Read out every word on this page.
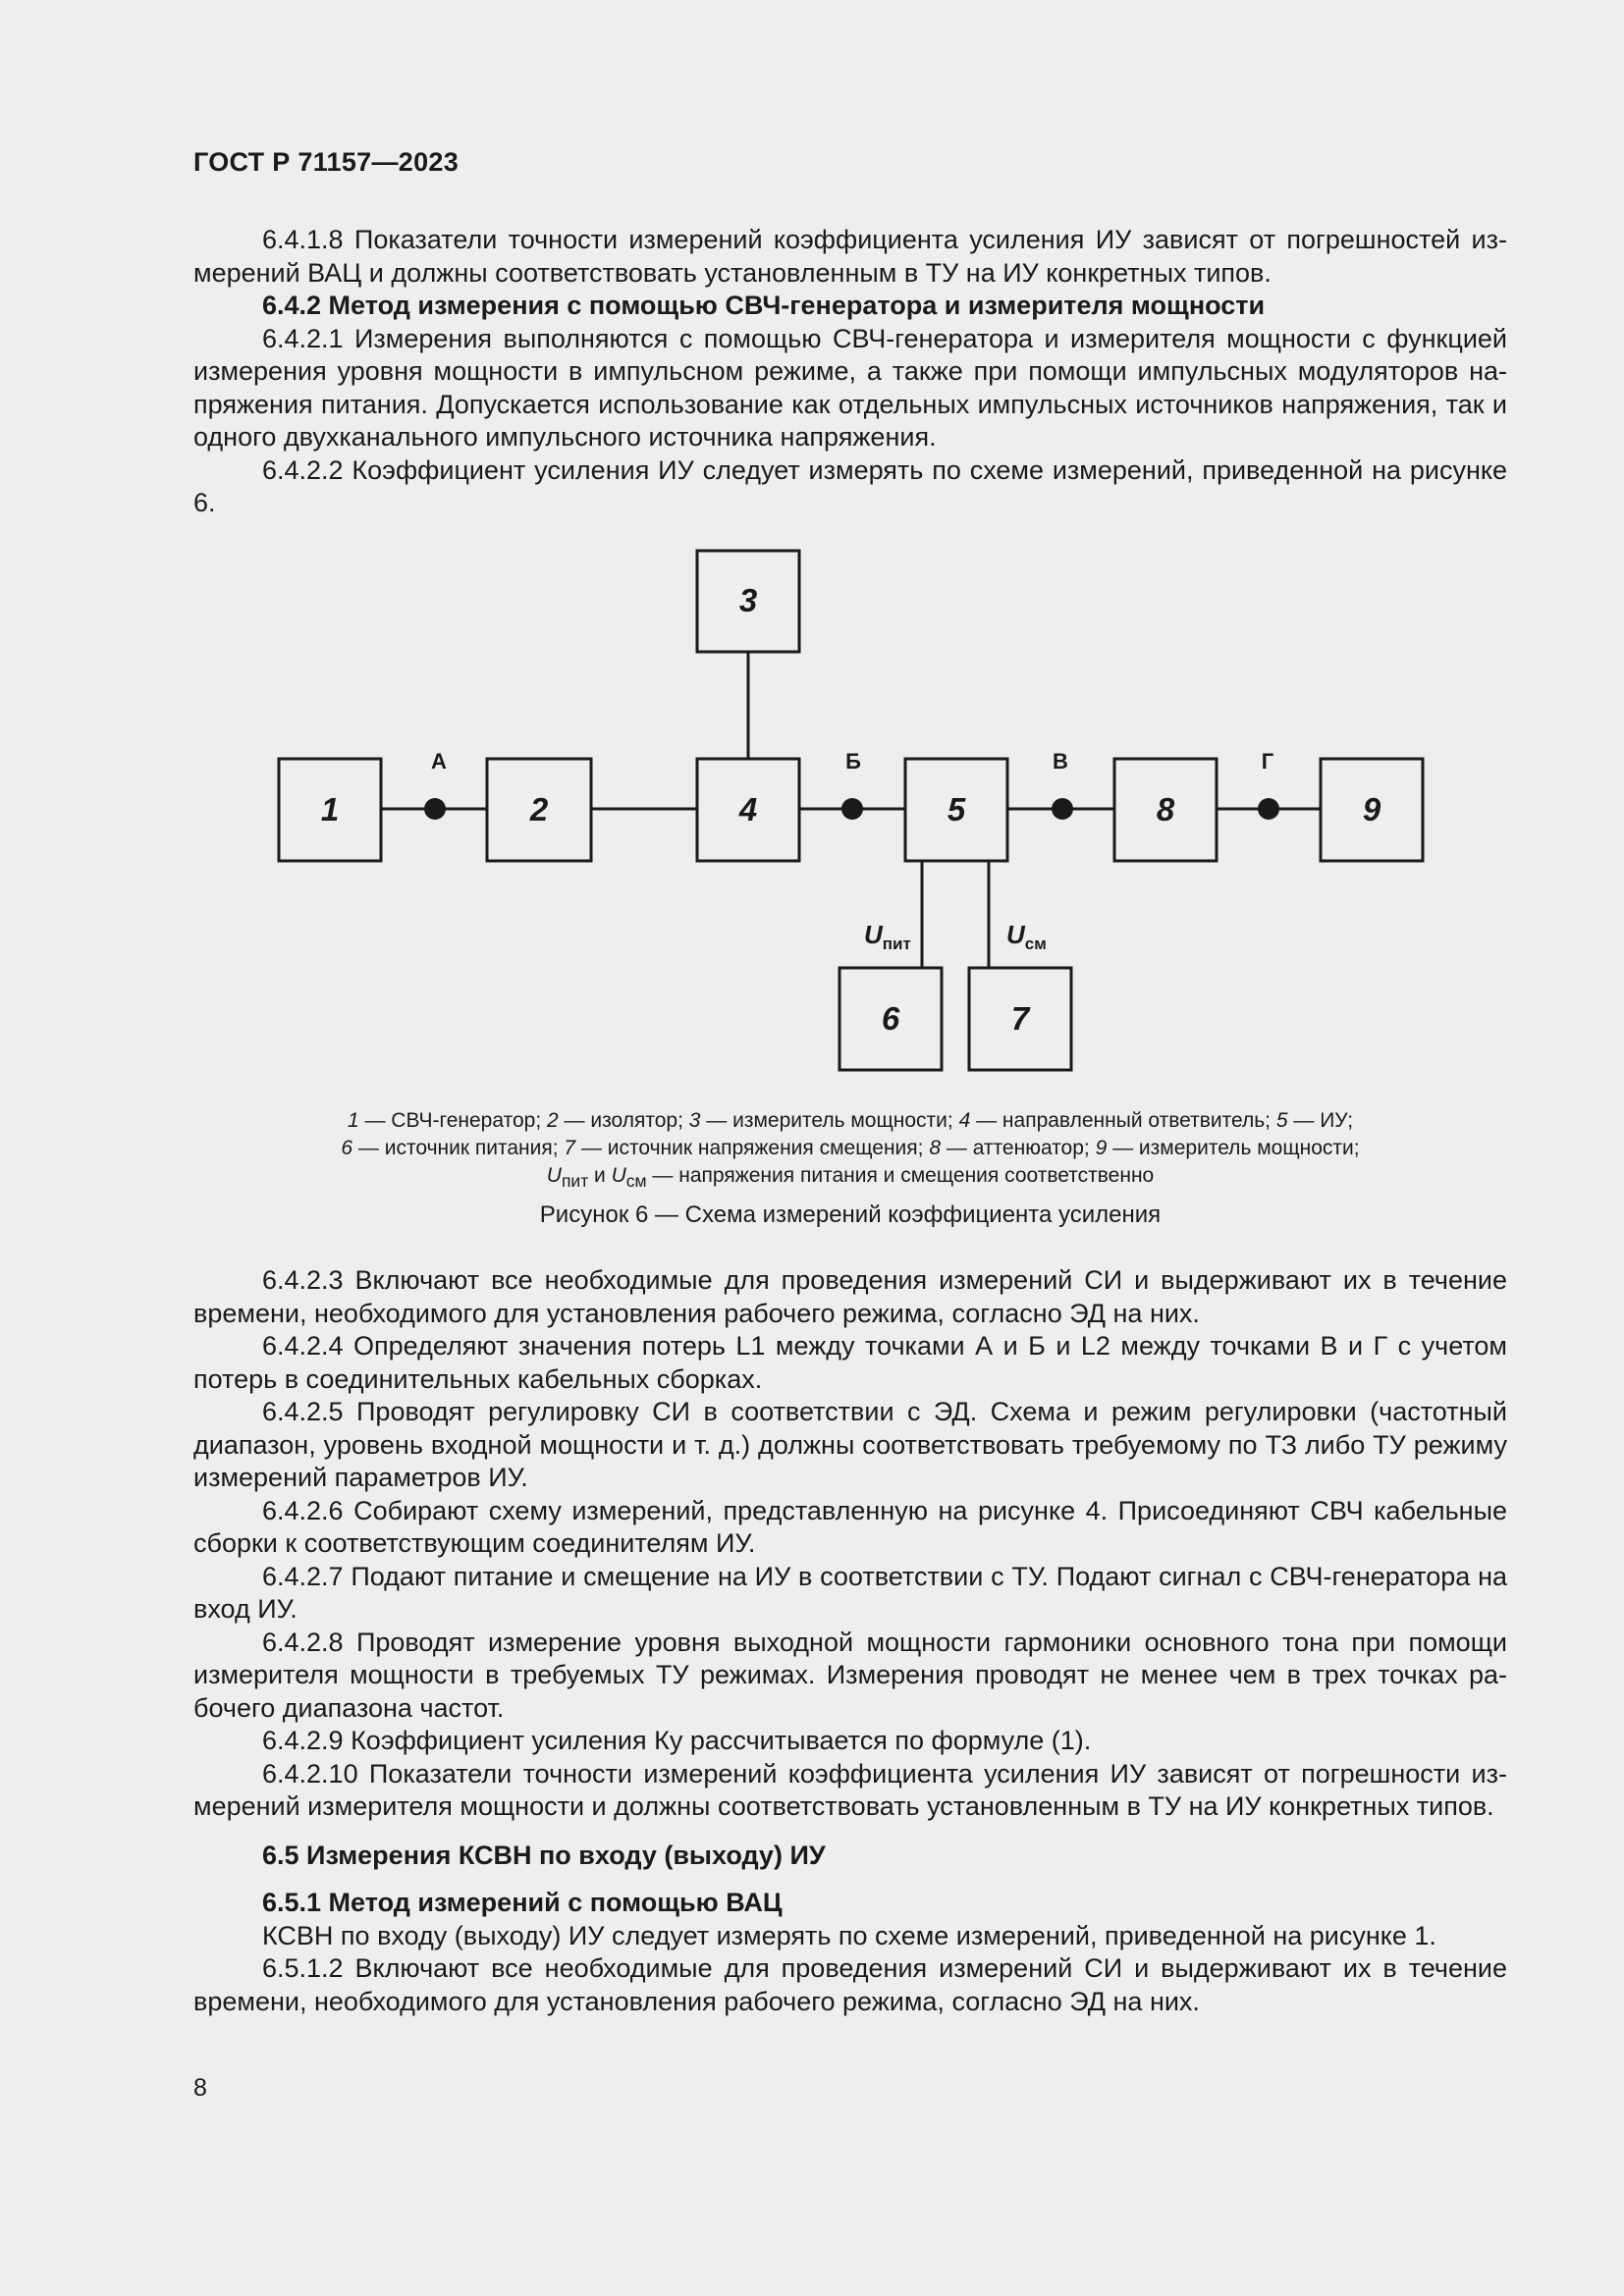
ГОСТ Р 71157—2023

6.4.1.8 Показатели точности измерений коэффициента усиления ИУ зависят от погрешностей измерений ВАЦ и должны соответствовать установленным в ТУ на ИУ конкретных типов.

6.4.2 Метод измерения с помощью СВЧ-генератора и измерителя мощности

6.4.2.1 Измерения выполняются с помощью СВЧ-генератора и измерителя мощности с функцией измерения уровня мощности в импульсном режиме, а также при помощи импульсных модуляторов напряжения питания. Допускается использование как отдельных импульсных источников напряжения, так и одного двухканального импульсного источника напряжения.

6.4.2.2 Коэффициент усиления ИУ следует измерять по схеме измерений, приведенной на рисунке 6.

1	2
3
4	5
6	7
8	9
А	Б	В	Г
$U_{пит}$	$U_{см}$
1 — СВЧ-генератор; 2 — изолятор; 3 — измеритель мощности; 4 — направленный ответвитель; 5 — ИУ;
6 — источник питания; 7 — источник напряжения смещения; 8 — аттенюатор; 9 — измеритель мощности;
$U_{пит}$ и $U_{см}$ — напряжения питания и смещения соответственно
Рисунок 6 — Схема измерений коэффициента усиления

6.4.2.3 Включают все необходимые для проведения измерений СИ и выдерживают их в течение времени, необходимого для установления рабочего режима, согласно ЭД на них.

6.4.2.4 Определяют значения потерь L1 между точками А и Б и L2 между точками В и Г с учетом потерь в соединительных кабельных сборках.

6.4.2.5 Проводят регулировку СИ в соответствии с ЭД. Схема и режим регулировки (частотный диапазон, уровень входной мощности и т. д.) должны соответствовать требуемому по ТЗ либо ТУ режиму измерений параметров ИУ.

6.4.2.6 Собирают схему измерений, представленную на рисунке 4. Присоединяют СВЧ кабельные сборки к соответствующим соединителям ИУ.

6.4.2.7 Подают питание и смещение на ИУ в соответствии с ТУ. Подают сигнал с СВЧ-генератора на вход ИУ.

6.4.2.8 Проводят измерение уровня выходной мощности гармоники основного тона при помощи измерителя мощности в требуемых ТУ режимах. Измерения проводят не менее чем в трех точках рабочего диапазона частот.

6.4.2.9 Коэффициент усиления Ку рассчитывается по формуле (1).

6.4.2.10 Показатели точности измерений коэффициента усиления ИУ зависят от погрешности измерений измерителя мощности и должны соответствовать установленным в ТУ на ИУ конкретных типов.

6.5 Измерения КСВН по входу (выходу) ИУ

6.5.1 Метод измерений с помощью ВАЦ

КСВН по входу (выходу) ИУ следует измерять по схеме измерений, приведенной на рисунке 1.

6.5.1.2 Включают все необходимые для проведения измерений СИ и выдерживают их в течение времени, необходимого для установления рабочего режима, согласно ЭД на них.

8
